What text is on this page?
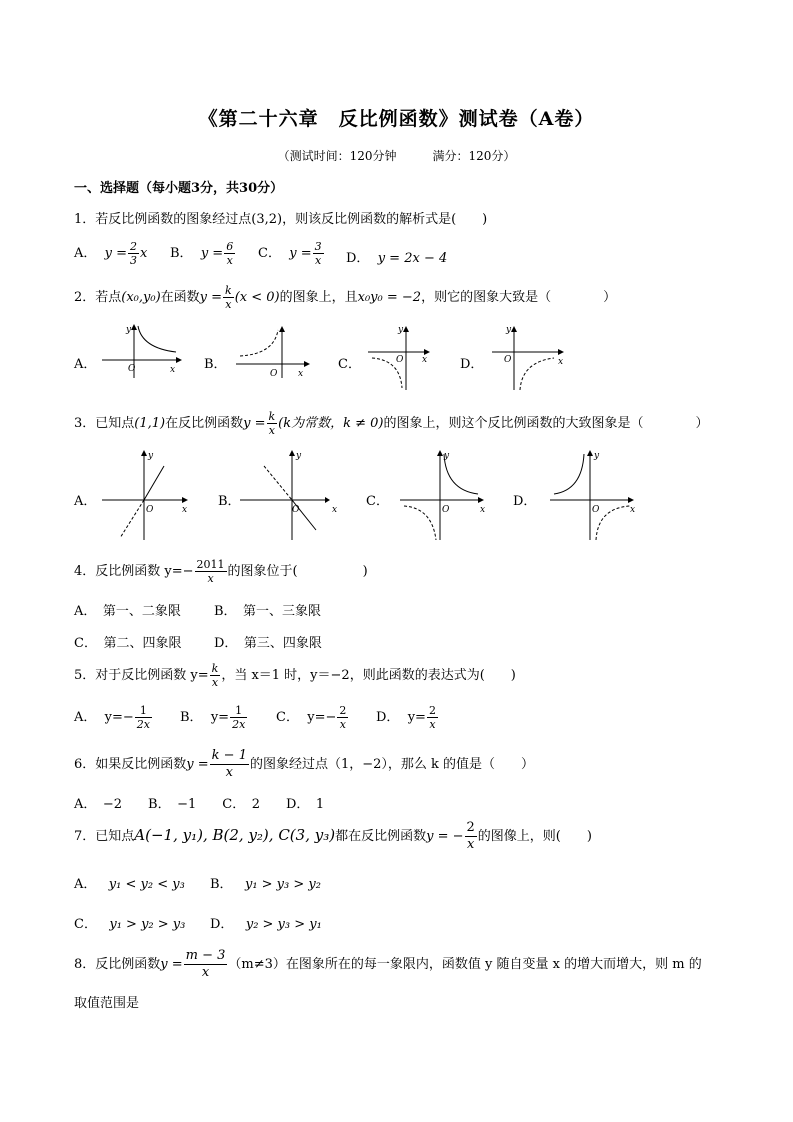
《第二十六章　反比例函数》测试卷（A卷）
（测试时间：120分钟　　　满分：120分）
一、选择题（每小题3分，共30分）
1．若反比例函数的图象经过点(3,2)，则该反比例函数的解析式是(　　)
A． $y = \frac{2}{3}$ x B． $y = \frac{6}{x}$ C． $y = \frac{3}{x}$ D． y = 2x − 4
2．若点(x₀,y₀)在函数$y = \frac{k}{x} (x < 0)$的图象上，且x₀y₀ = −2，则它的图象大致是（　　　　）
A．	B．	C．	D．
y
x
O	O x
y
O x
y
O	x
3．已知点(1,1)在反比例函数$y = \frac{k}{x} (k$为常数，k ≠ 0)的图象上，则这个反比例函数的大致图象是（　　　　）
A．	B．	C．	D．
y
O	x
y
O	x
y
O	x
y
O	x
4．反比例函数 $y=- \frac{2011}{x}$ 的图象位于(　　　　　)
A．　第一、二象限	B．　第一、三象限
C．　第二、四象限	D．　第三、四象限
5．对于反比例函数 $y= \frac{k}{x}$ ，当 x＝1 时，y＝−2，则此函数的表达式为(　　)
A． $y=- \frac{1}{2x}$ B． $y= \frac{1}{2x}$ C． $y=- \frac{2}{x}$ D． $y= \frac{2}{x}$
6．如果反比例函数$y = \frac{k - 1}{x}$ 的图象经过点（1，−2），那么 k 的值是（　　）
A．　−2　　B．　−1　　C．　2　　D．　1
7．已知点A(−1, y₁), B(2, y₂), C(3, y₃)都在反比例函数y = − $\frac{2}{x}$ 的图像上，则(　　)
A． y₁ < y₂ < y₃ B． y₁ > y₃ > y₂
C． y₁ > y₂ > y₃ D． y₂ > y₃ > y₁
8．反比例函数$y = \frac{m - 3}{x} (m\ne 3)$在图象所在的每一象限内，函数值 y 随自变量 x 的增大而增大，则 m 的
取值范围是
